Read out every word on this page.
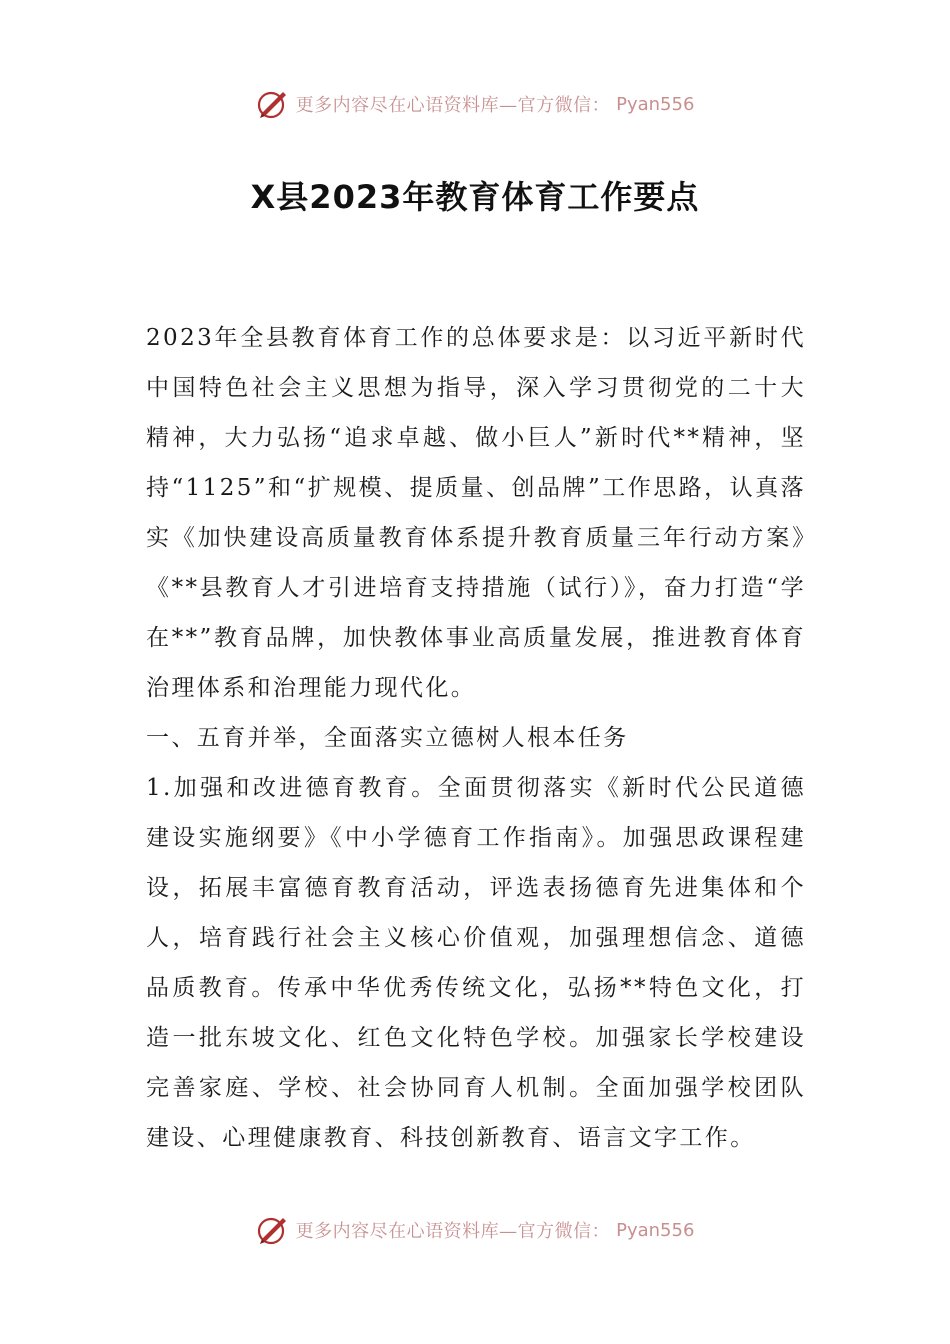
更多内容尽在心语资料库—官方微信： Pyan556
X县2023年教育体育工作要点

2023年全县教育体育工作的总体要求是：以习近平新时代中国特色社会主义思想为指导，深入学习贯彻党的二十大精神，大力弘扬“追求卓越、做小巨人”新时代**精神，坚持“1125”和“扩规模、提质量、创品牌”工作思路，认真落实《加快建设高质量教育体系提升教育质量三年行动方案》《**县教育人才引进培育支持措施（试行）》，奋力打造“学在**”教育品牌，加快教体事业高质量发展，推进教育体育治理体系和治理能力现代化。

一、五育并举，全面落实立德树人根本任务

1.加强和改进德育教育。全面贯彻落实《新时代公民道德建设实施纲要》《中小学德育工作指南》。加强思政课程建设，拓展丰富德育教育活动，评选表扬德育先进集体和个人，培育践行社会主义核心价值观，加强理想信念、道德品质教育。传承中华优秀传统文化，弘扬**特色文化，打造一批东坡文化、红色文化特色学校。加强家长学校建设完善家庭、学校、社会协同育人机制。全面加强学校团队建设、心理健康教育、科技创新教育、语言文字工作。

更多内容尽在心语资料库—官方微信： Pyan556
